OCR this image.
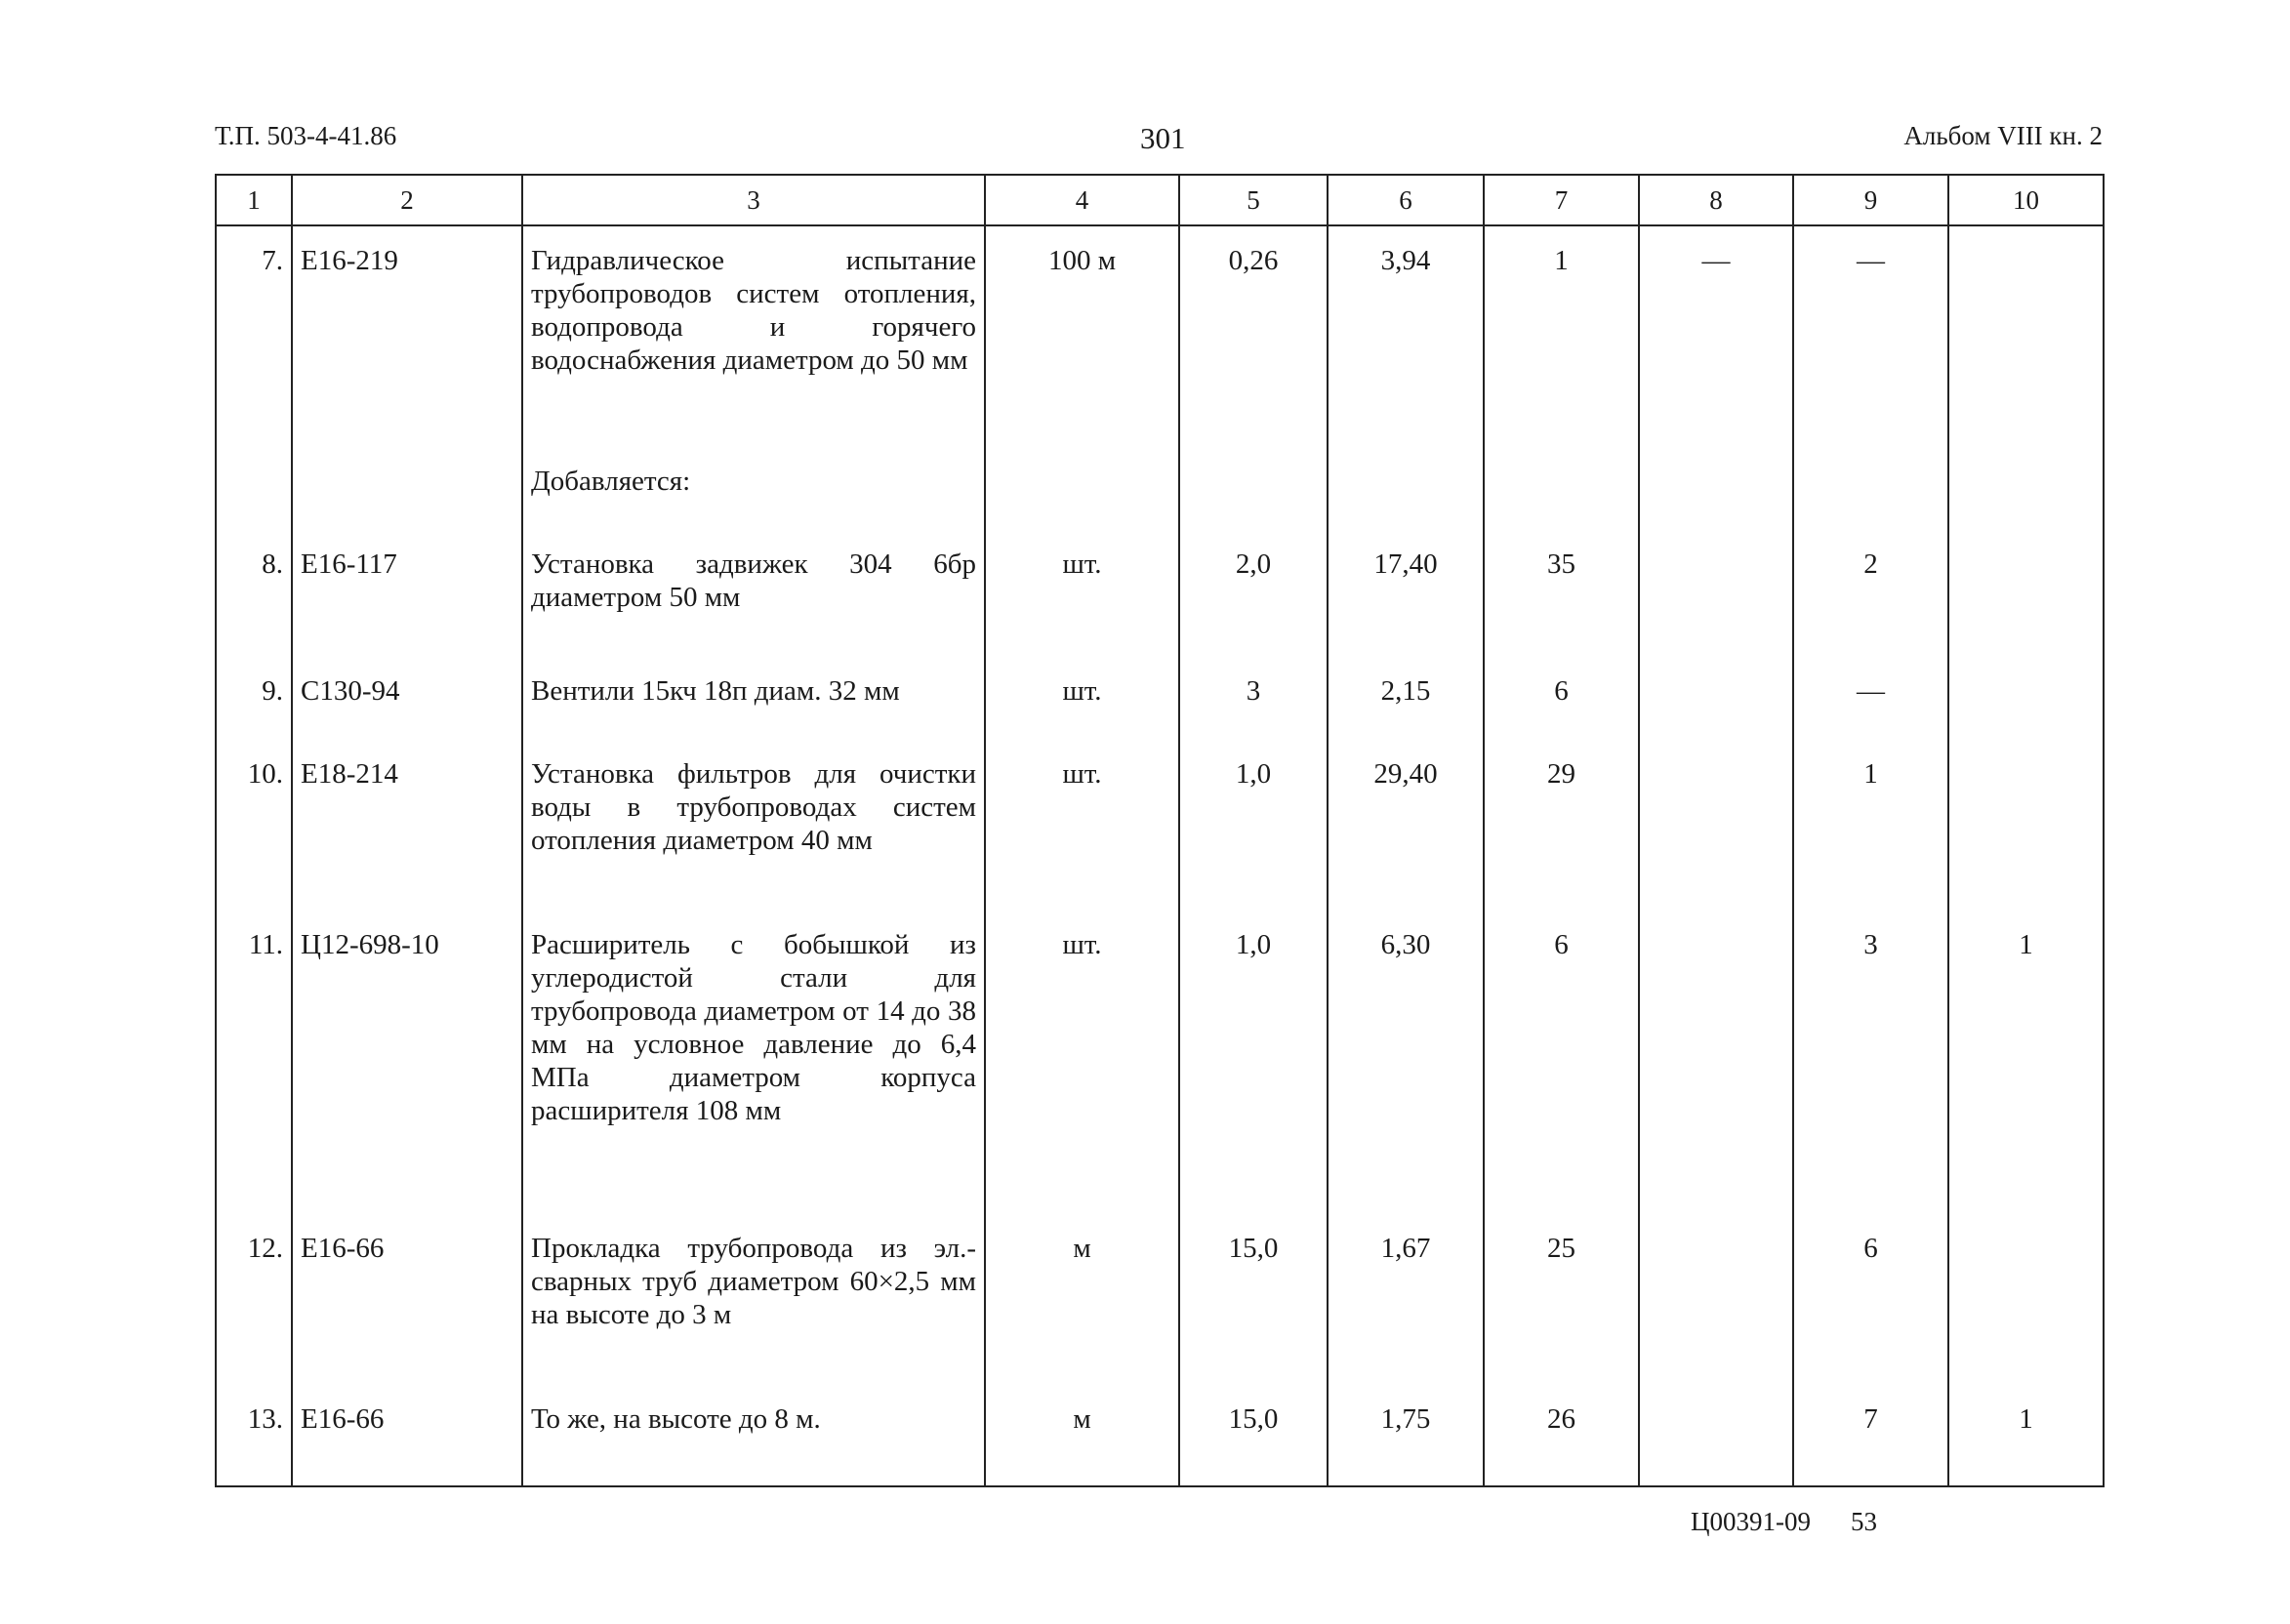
Т.П. 503-4-41.86	301	Альбом VIII кн. 2
1	2	3	4	5	6	7	8	9	10
7.	Е16-219	Гидравлическое испытание трубопроводов систем отопления, водопровода и горячего водоснабжения диаметром до 50 мм	100 м	0,26	3,94	1	—	—	
		Добавляется:							
8.	Е16-117	Установка задвижек 304 6бр диаметром 50 мм	шт.	2,0	17,40	35		2	
9.	С130-94	Вентили 15кч 18п диам. 32 мм	шт.	3	2,15	6		—	
10.	Е18-214	Установка фильтров для очистки воды в трубопроводах систем отопления диаметром 40 мм	шт.	1,0	29,40	29		1	
11.	Ц12-698-10	Расширитель с бобышкой из углеродистой стали для трубопровода диаметром от 14 до 38 мм на условное давление до 6,4 МПа диаметром корпуса расширителя 108 мм	шт.	1,0	6,30	6		3	1
12.	Е16-66	Прокладка трубопровода из эл.-сварных труб диаметром 60×2,5 мм на высоте до 3 м	м	15,0	1,67	25		6	
13.	Е16-66	То же, на высоте до 8 м.	м	15,0	1,75	26		7	1

Ц00391-09 53
